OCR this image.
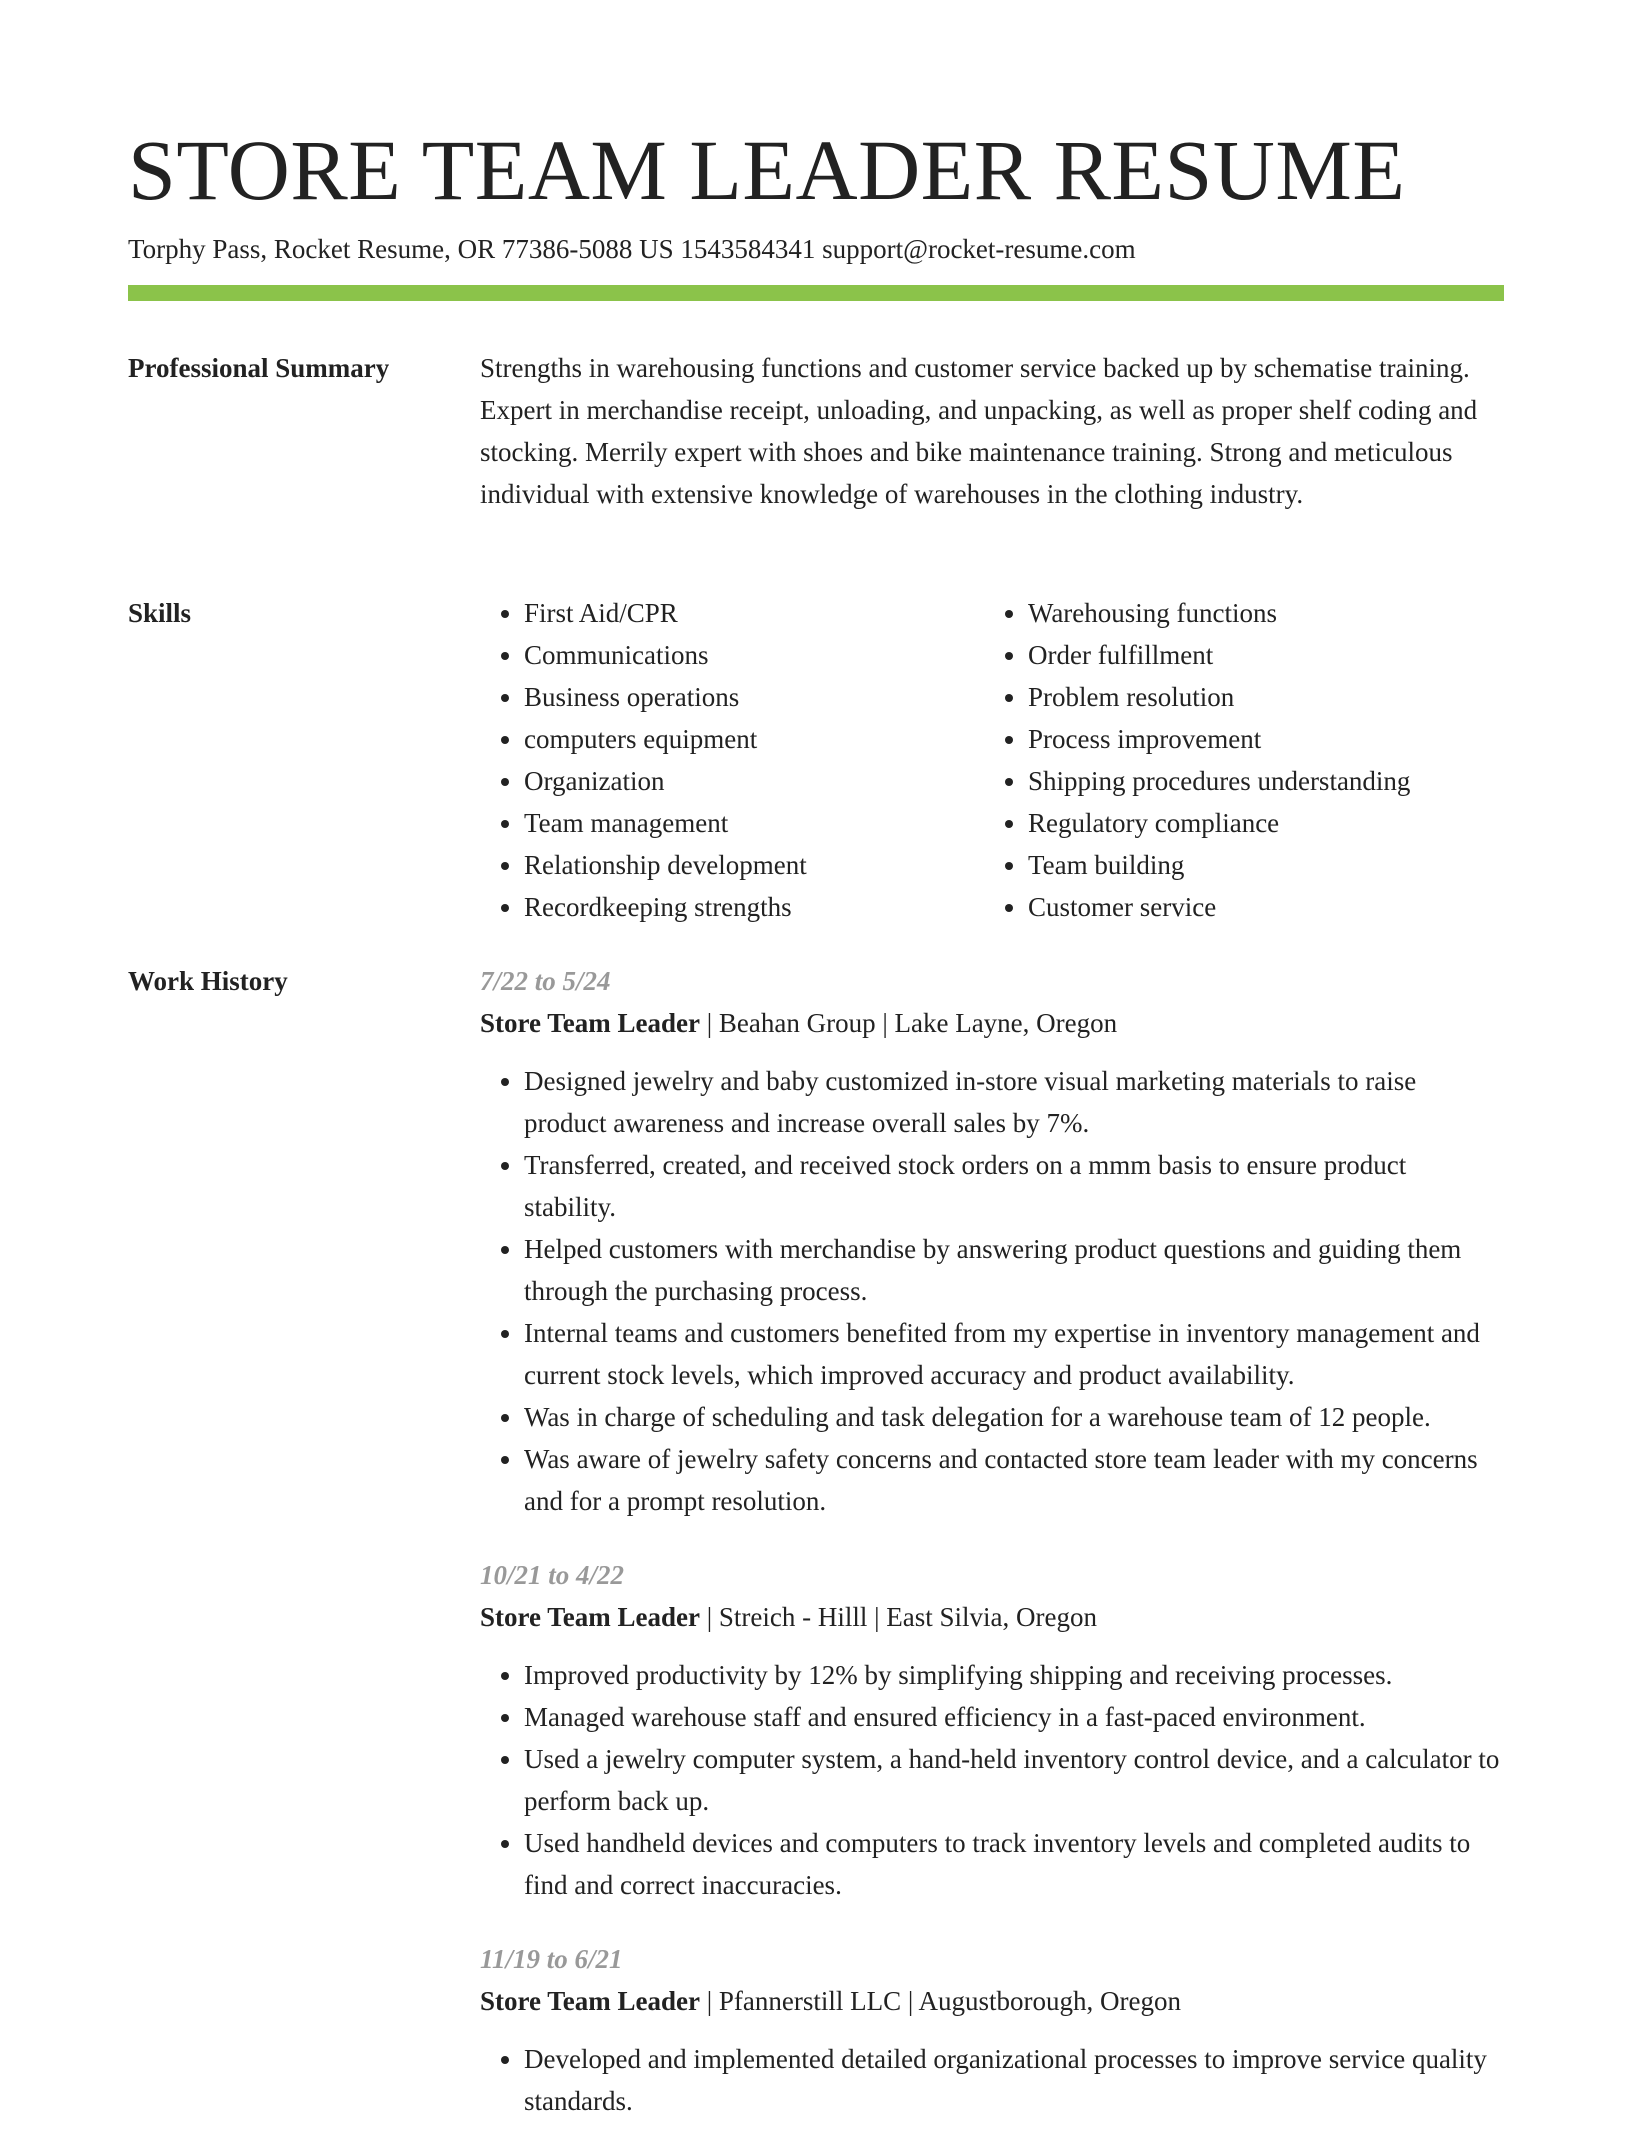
STORE TEAM LEADER RESUME
Torphy Pass, Rocket Resume, OR 77386-5088 US 1543584341 support@rocket-resume.com
Professional Summary	Strengths in warehousing functions and customer service backed up by schematise training. Expert in merchandise receipt, unloading, and unpacking, as well as proper shelf coding and stocking. Merrily expert with shoes and bike maintenance training. Strong and meticulous individual with extensive knowledge of warehouses in the clothing industry.

Skills
•	First Aid/CPR
• Communications
• Business operations
• computers equipment
• Organization
• Team management
• Relationship development
• Recordkeeping strengths
• Warehousing functions
• Order fulfillment
• Problem resolution
• Process improvement
• Shipping procedures understanding
• Regulatory compliance
• Team building
• Customer service
Work History	7/22 to 5/24
Store Team Leader | Beahan Group | Lake Layne, Oregon
• Designed jewelry and baby customized in-store visual marketing materials to raise product awareness and increase overall sales by 7%.
• Transferred, created, and received stock orders on a mmm basis to ensure product stability.
• Helped customers with merchandise by answering product questions and guiding them through the purchasing process.
• Internal teams and customers benefited from my expertise in inventory management and current stock levels, which improved accuracy and product availability.
• Was in charge of scheduling and task delegation for a warehouse team of 12 people.
• Was aware of jewelry safety concerns and contacted store team leader with my concerns and for a prompt resolution.
10/21 to 4/22
Store Team Leader | Streich - Hilll | East Silvia, Oregon
• Improved productivity by 12% by simplifying shipping and receiving processes.
• Managed warehouse staff and ensured efficiency in a fast-paced environment.
• Used a jewelry computer system, a hand-held inventory control device, and a calculator to perform back up.
• Used handheld devices and computers to track inventory levels and completed audits to find and correct inaccuracies.
11/19 to 6/21
Store Team Leader | Pfannerstill LLC | Augustborough, Oregon
• Developed and implemented detailed organizational processes to improve service quality standards.
